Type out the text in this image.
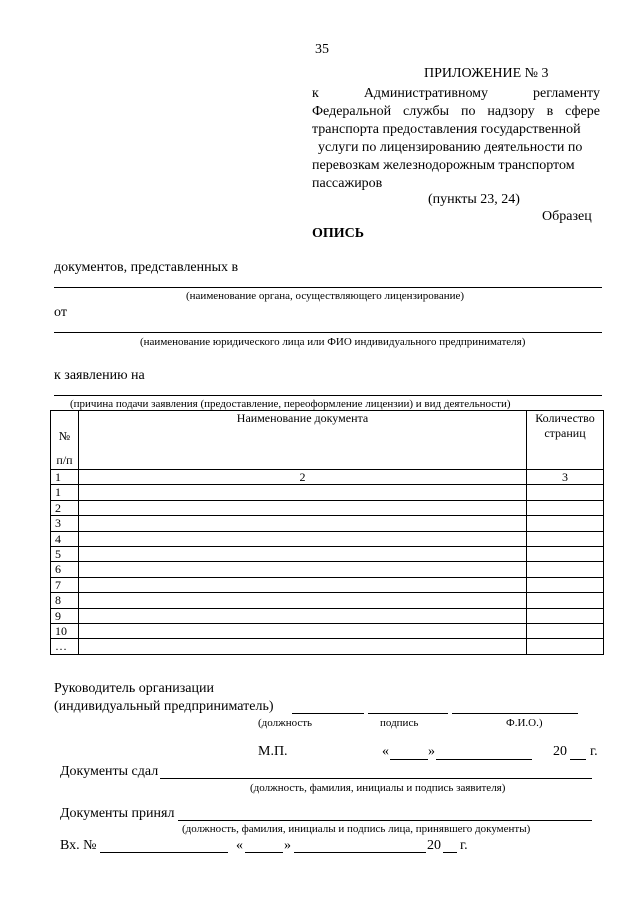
35
ПРИЛОЖЕНИЕ № 3
к	Административному	регламенту
Федеральной службы по надзору в сфере
транспорта предоставления государственной
услуги по лицензированию деятельности по
перевозкам железнодорожным транспортом
пассажиров
(пункты 23, 24)
Образец
ОПИСЬ
документов, представленных в
(наименование органа, осуществляющего лицензирование)
от
(наименование юридического лица или ФИО индивидуального предпринимателя)
к заявлению на
(причина подачи заявления (предоставление, переоформление лицензии) и вид деятельности)
№
п/п	Наименование документа	Количество страниц
1	2	3
1		
2		
3		
4		
5		
6		
7		
8		
9		
10		
…		
Руководитель организации
(индивидуальный предприниматель)
(должность	подпись	Ф.И.О.)
М.П.	«	»	20 г.
Документы сдал
(должность, фамилия, инициалы и подпись заявителя)
Документы принял
(должность, фамилия, инициалы и подпись лица, принявшего документы)
Вх. №	«	»	20 г.
